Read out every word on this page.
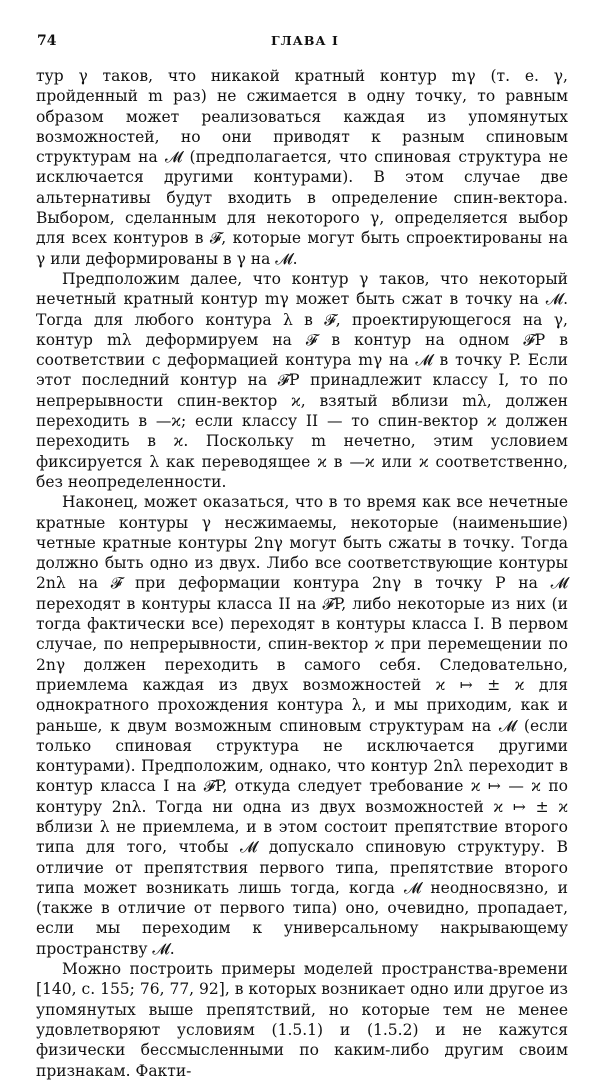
74	ГЛАВА I

тур γ таков, что никакой кратный контур mγ (т. е. γ, пройденный m раз) не сжимается в одну точку, то равным образом может реализоваться каждая из упомянутых возможностей, но они приводят к разным спиновым структурам на 𝓜 (предполагается, что спиновая структура не исключается другими контурами). В этом случае две альтернативы будут входить в определение спин-вектора. Выбором, сделанным для некоторого γ, определяется выбор для всех контуров в 𝓕, которые могут быть спроектированы на γ или деформированы в γ на 𝓜.

Предположим далее, что контур γ таков, что некоторый нечетный кратный контур mγ может быть сжат в точку на 𝓜. Тогда для любого контура λ в 𝓕, проектирующегося на γ, контур mλ деформируем на 𝓕 в контур на одном 𝓕P в соответствии с деформацией контура mγ на 𝓜 в точку P. Если этот последний контур на 𝓕P принадлежит классу I, то по непрерывности спин-вектор ϰ, взятый вблизи mλ, должен переходить в —ϰ; если классу II — то спин-вектор ϰ должен переходить в ϰ. Поскольку m нечетно, этим условием фиксируется λ как переводящее ϰ в —ϰ или ϰ соответственно, без неопределенности.

Наконец, может оказаться, что в то время как все нечетные кратные контуры γ несжимаемы, некоторые (наименьшие) четные кратные контуры 2nγ могут быть сжаты в точку. Тогда должно быть одно из двух. Либо все соответствующие контуры 2nλ на 𝓕 при деформации контура 2nγ в точку P на 𝓜 переходят в контуры класса II на 𝓕P, либо некоторые из них (и тогда фактически все) переходят в контуры класса I. В первом случае, по непрерывности, спин-вектор ϰ при перемещении по 2nγ должен переходить в самого себя. Следовательно, приемлема каждая из двух возможностей ϰ ↦ ± ϰ для однократного прохождения контура λ, и мы приходим, как и раньше, к двум возможным спиновым структурам на 𝓜 (если только спиновая структура не исключается другими контурами). Предположим, однако, что контур 2nλ переходит в контур класса I на 𝓕P, откуда следует требование ϰ ↦ — ϰ по контуру 2nλ. Тогда ни одна из двух возможностей ϰ ↦ ± ϰ вблизи λ не приемлема, и в этом состоит препятствие второго типа для того, чтобы 𝓜 допускало спиновую структуру. В отличие от препятствия первого типа, препятствие второго типа может возникать лишь тогда, когда 𝓜 неодносвязно, и (также в отличие от первого типа) оно, очевидно, пропадает, если мы переходим к универсальному накрывающему пространству 𝓜.

Можно построить примеры моделей пространства-времени [140, с. 155; 76, 77, 92], в которых возникает одно или другое из упомянутых выше препятствий, но которые тем не менее удовлетворяют условиям (1.5.1) и (1.5.2) и не кажутся физически бессмысленными по каким-либо другим своим признакам. Факти-
